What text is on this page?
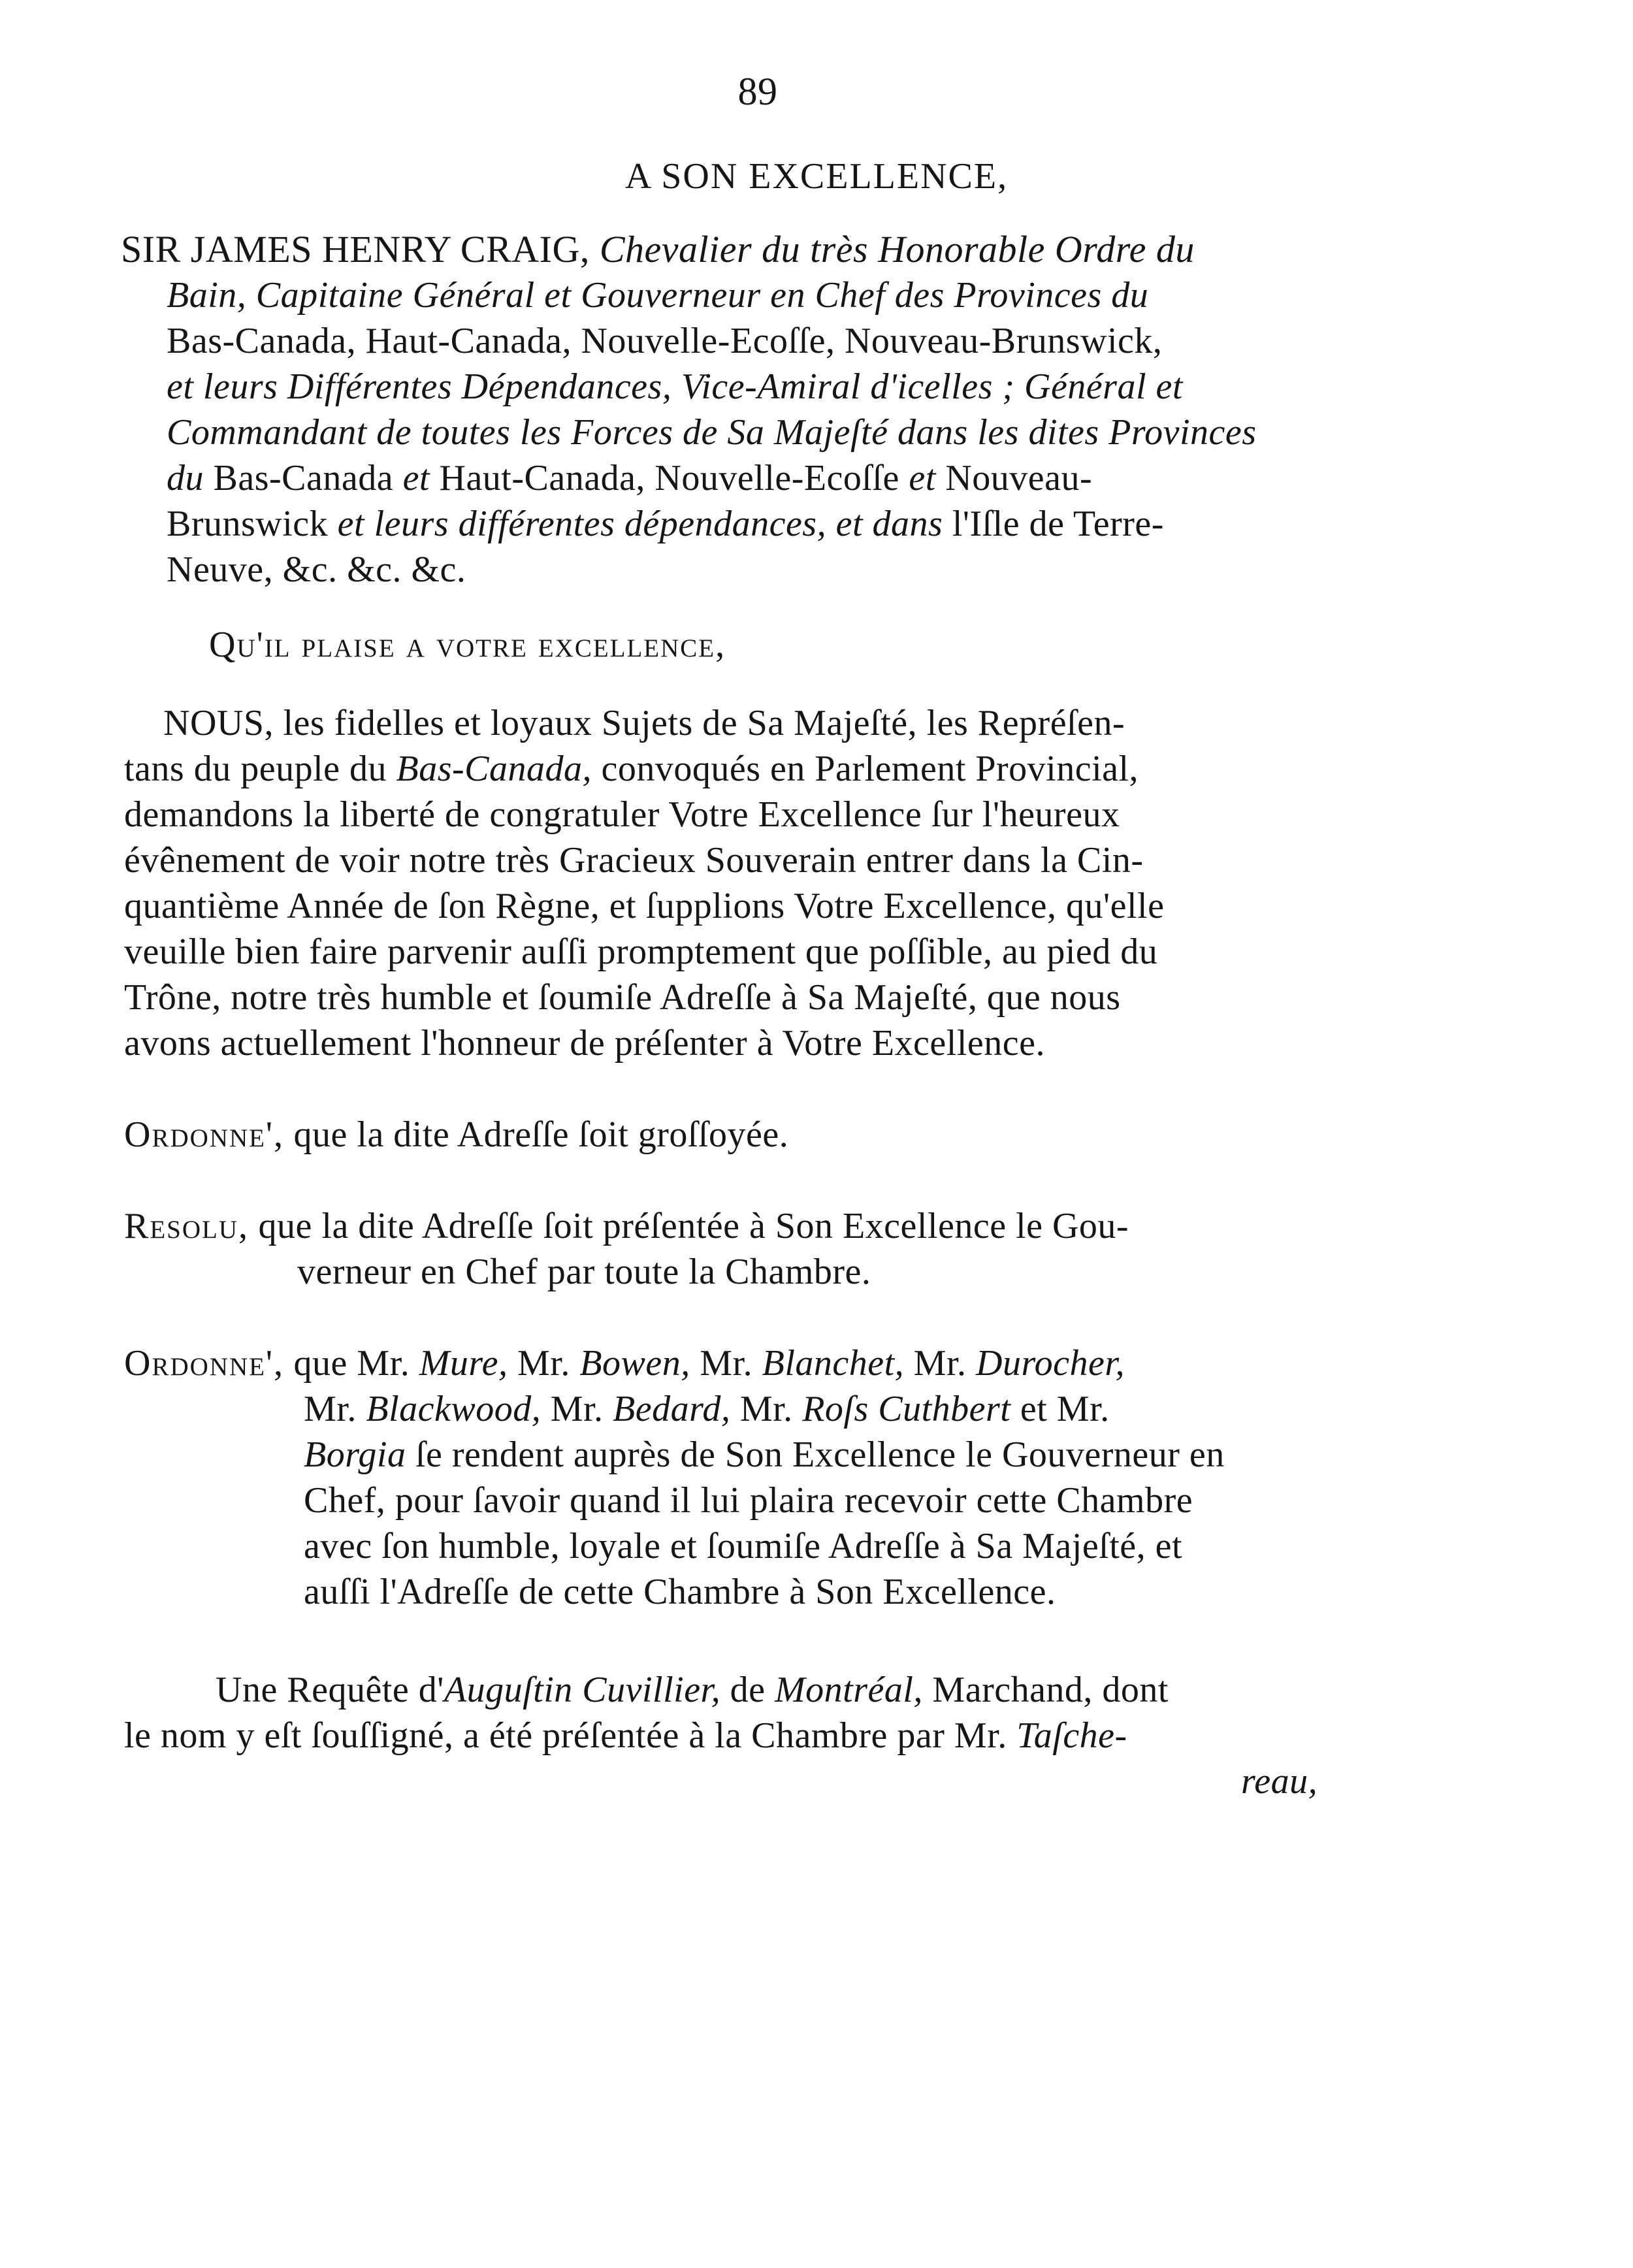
89
A SON EXCELLENCE,
SIR JAMES HENRY CRAIG, Chevalier du très Honorable Ordre du
Bain, Capitaine Général et Gouverneur en Chef des Provinces du
Bas-Canada, Haut-Canada, Nouvelle-Ecoſſe, Nouveau-Brunswick,
et leurs Différentes Dépendances, Vice-Amiral d'icelles ; Général et
Commandant de toutes les Forces de Sa Majeſté dans les dites Provinces
du Bas-Canada et Haut-Canada, Nouvelle-Ecoſſe et Nouveau-
Brunswick et leurs différentes dépendances, et dans l'Iſle de Terre-
Neuve, &c. &c. &c.
Qu'il plaise a votre excellence,
NOUS, les fidelles et loyaux Sujets de Sa Majeſté, les Repréſen-
tans du peuple du Bas-Canada, convoqués en Parlement Provincial,
demandons la liberté de congratuler Votre Excellence ſur l'heureux
évênement de voir notre très Gracieux Souverain entrer dans la Cin-
quantième Année de ſon Règne, et ſupplions Votre Excellence, qu'elle
veuille bien faire parvenir auſſi promptement que poſſible, au pied du
Trône, notre très humble et ſoumiſe Adreſſe à Sa Majeſté, que nous
avons actuellement l'honneur de préſenter à Votre Excellence.
Ordonne', que la dite Adreſſe ſoit groſſoyée.
Resolu, que la dite Adreſſe ſoit préſentée à Son Excellence le Gou-
verneur en Chef par toute la Chambre.
Ordonne', que Mr. Mure, Mr. Bowen, Mr. Blanchet, Mr. Durocher,
Mr. Blackwood, Mr. Bedard, Mr. Roſs Cuthbert et Mr.
Borgia ſe rendent auprès de Son Excellence le Gouverneur en
Chef, pour ſavoir quand il lui plaira recevoir cette Chambre
avec ſon humble, loyale et ſoumiſe Adreſſe à Sa Majeſté, et
auſſi l'Adreſſe de cette Chambre à Son Excellence.
Une Requête d'Auguſtin Cuvillier, de Montréal, Marchand, dont
le nom y eſt ſouſſigné, a été préſentée à la Chambre par Mr. Taſche-
reau,
